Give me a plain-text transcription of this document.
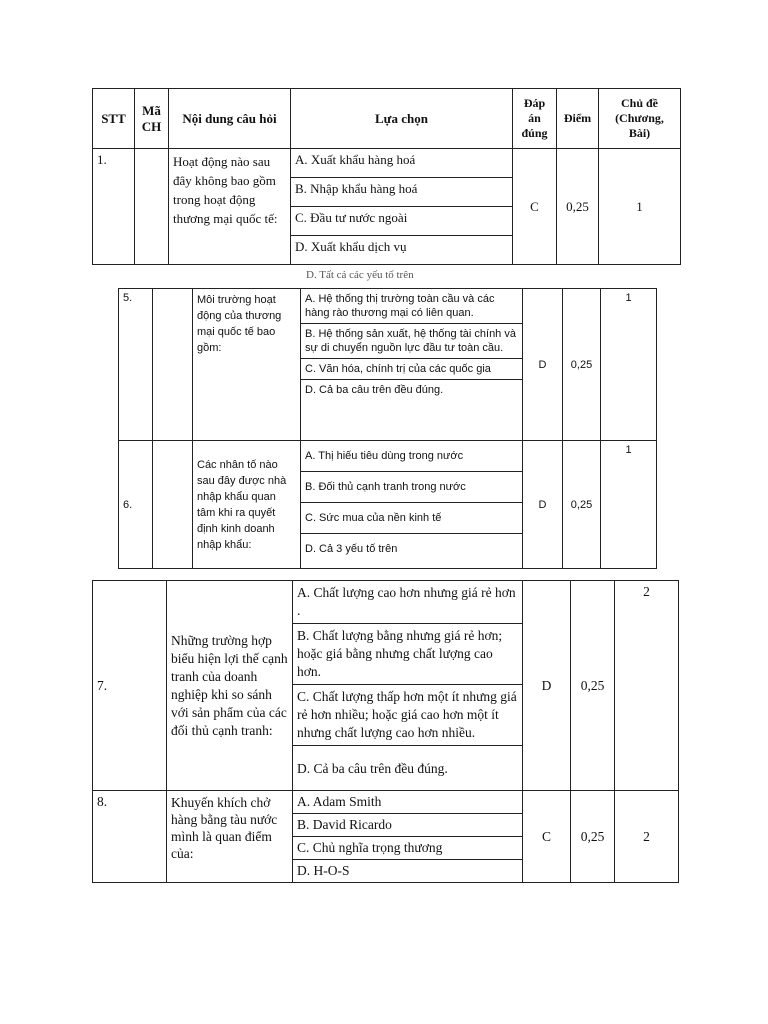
STT	Mã CH	Nội dung câu hỏi	Lựa chọn	Đáp án đúng	Điểm	Chủ đề (Chương, Bài)
1.		Hoạt động nào sau đây không bao gồm trong hoạt động thương mại quốc tế:	A. Xuất khẩu hàng hoá
B. Nhập khẩu hàng hoá
C. Đầu tư nước ngoài
D. Xuất khẩu dịch vụ	C	0,25	1
D. Tất cả các yếu tố trên
5.		Môi trường hoạt động của thương mại quốc tế bao gồm:	A. Hệ thống thị trường toàn cầu và các hàng rào thương mại có liên quan.
B. Hệ thống sản xuất, hệ thống tài chính và sự di chuyển nguồn lực đầu tư toàn cầu.
C. Văn hóa, chính trị của các quốc gia
D. Cả ba câu trên đều đúng.	D	0,25	1
6.		Các nhân tố nào sau đây được nhà nhập khẩu quan tâm khi ra quyết định kinh doanh nhập khẩu:	A. Thị hiếu tiêu dùng trong nước
B. Đối thủ cạnh tranh trong nước
C. Sức mua của nền kinh tế
D. Cả 3 yếu tố trên	D	0,25	1
7.		Những trường hợp biểu hiện lợi thế cạnh tranh của doanh nghiệp khi so sánh với sản phẩm của các đối thủ cạnh tranh:	A. Chất lượng cao hơn nhưng giá rẻ hơn .
B. Chất lượng bằng nhưng giá rẻ hơn; hoặc giá bằng nhưng chất lượng cao hơn.
C. Chất lượng thấp hơn một ít nhưng giá rẻ hơn nhiều; hoặc giá cao hơn một ít nhưng chất lượng cao hơn nhiều.
D. Cả ba câu trên đều đúng.	D	0,25	2
8.		Khuyến khích chở hàng bằng tàu nước mình là quan điểm của:	A. Adam Smith
B. David Ricardo
C. Chủ nghĩa trọng thương
D. H-O-S	C	0,25	2
